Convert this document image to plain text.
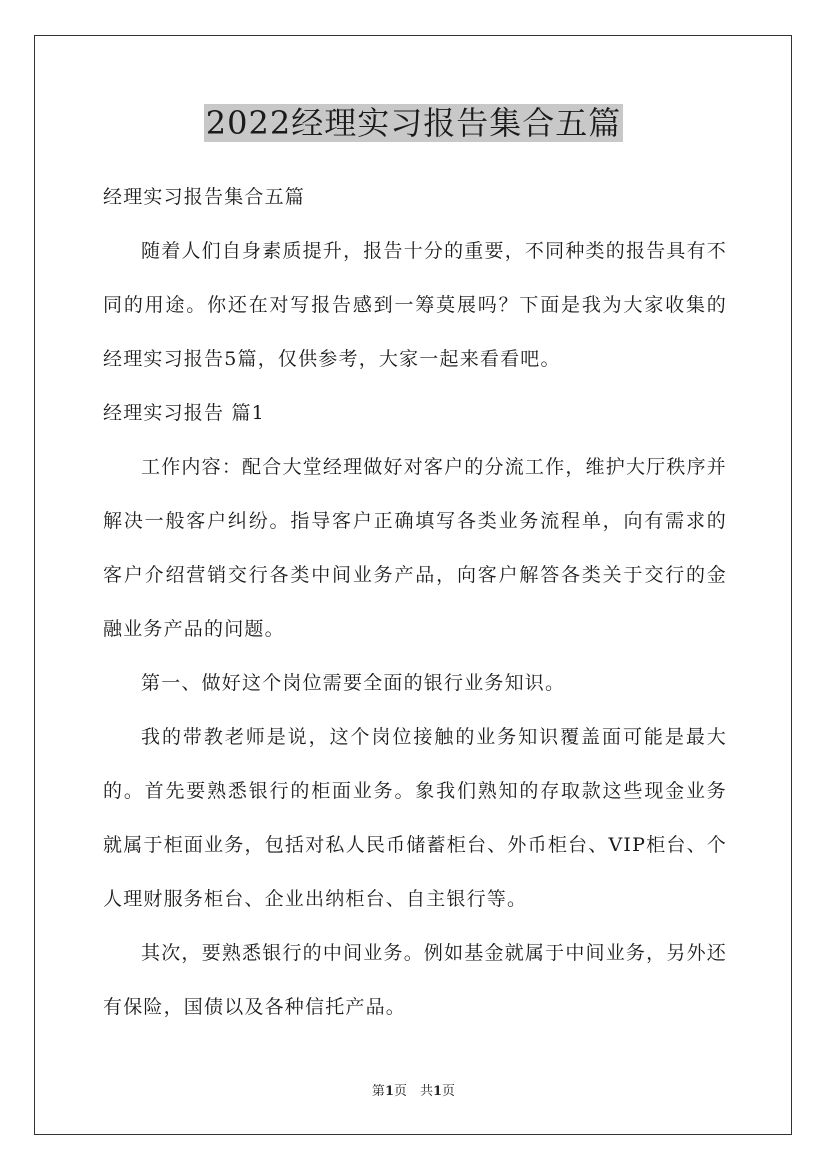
2022经理实习报告集合五篇

经理实习报告集合五篇

随着人们自身素质提升，报告十分的重要，不同种类的报告具有不同的用途。你还在对写报告感到一筹莫展吗？下面是我为大家收集的经理实习报告5篇，仅供参考，大家一起来看看吧。

经理实习报告 篇1

工作内容：配合大堂经理做好对客户的分流工作，维护大厅秩序并解决一般客户纠纷。指导客户正确填写各类业务流程单，向有需求的客户介绍营销交行各类中间业务产品，向客户解答各类关于交行的金融业务产品的问题。

第一、做好这个岗位需要全面的银行业务知识。

我的带教老师是说，这个岗位接触的业务知识覆盖面可能是最大的。首先要熟悉银行的柜面业务。象我们熟知的存取款这些现金业务就属于柜面业务，包括对私人民币储蓄柜台、外币柜台、VIP柜台、个人理财服务柜台、企业出纳柜台、自主银行等。

其次，要熟悉银行的中间业务。例如基金就属于中间业务，另外还有保险，国债以及各种信托产品。

第1页　共1页
